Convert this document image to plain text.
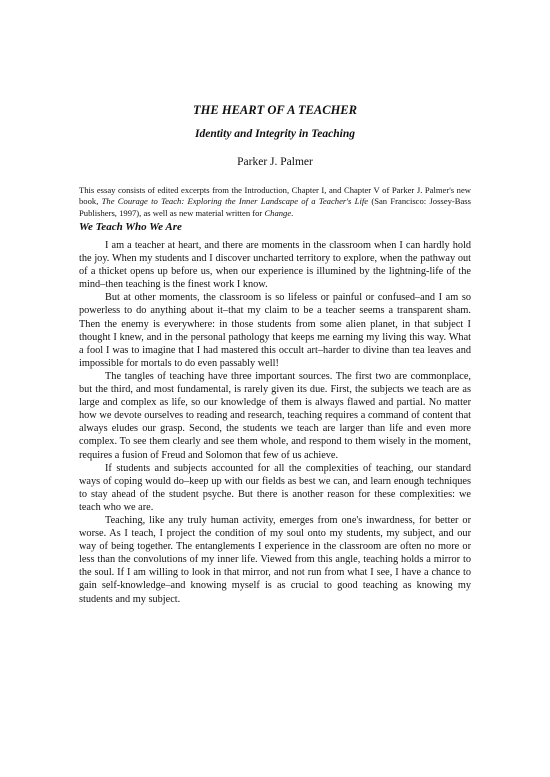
THE HEART OF A TEACHER
Identity and Integrity in Teaching
Parker J. Palmer
This essay consists of edited excerpts from the Introduction, Chapter I, and Chapter V of Parker J. Palmer's new book, The Courage to Teach: Exploring the Inner Landscape of a Teacher's Life (San Francisco: Jossey-Bass Publishers, 1997), as well as new material written for Change.
We Teach Who We Are

I am a teacher at heart, and there are moments in the classroom when I can hardly hold the joy. When my students and I discover uncharted territory to explore, when the pathway out of a thicket opens up before us, when our experience is illumined by the lightning-life of the mind–then teaching is the finest work I know.

But at other moments, the classroom is so lifeless or painful or confused–and I am so powerless to do anything about it–that my claim to be a teacher seems a transparent sham. Then the enemy is everywhere: in those students from some alien planet, in that subject I thought I knew, and in the personal pathology that keeps me earning my living this way. What a fool I was to imagine that I had mastered this occult art–harder to divine than tea leaves and impossible for mortals to do even passably well!

The tangles of teaching have three important sources. The first two are commonplace, but the third, and most fundamental, is rarely given its due. First, the subjects we teach are as large and complex as life, so our knowledge of them is always flawed and partial. No matter how we devote ourselves to reading and research, teaching requires a command of content that always eludes our grasp. Second, the students we teach are larger than life and even more complex. To see them clearly and see them whole, and respond to them wisely in the moment, requires a fusion of Freud and Solomon that few of us achieve.

If students and subjects accounted for all the complexities of teaching, our standard ways of coping would do–keep up with our fields as best we can, and learn enough techniques to stay ahead of the student psyche. But there is another reason for these complexities: we teach who we are.

Teaching, like any truly human activity, emerges from one's inwardness, for better or worse. As I teach, I project the condition of my soul onto my students, my subject, and our way of being together. The entanglements I experience in the classroom are often no more or less than the convolutions of my inner life. Viewed from this angle, teaching holds a mirror to the soul. If I am willing to look in that mirror, and not run from what I see, I have a chance to gain self-knowledge–and knowing myself is as crucial to good teaching as knowing my students and my subject.
